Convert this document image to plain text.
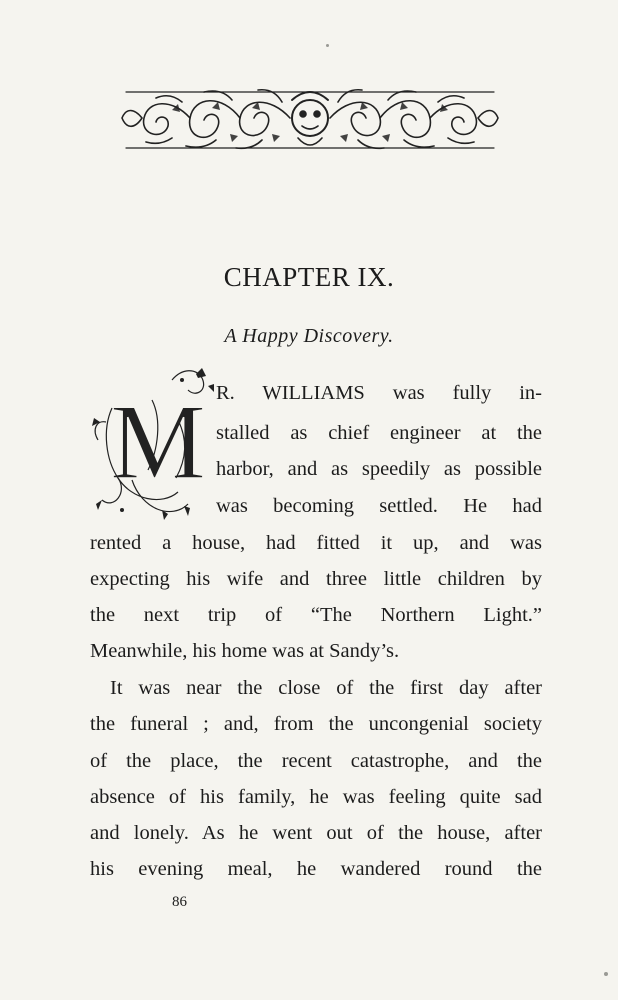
CHAPTER IX.
A Happy Discovery.
M R. WILLIAMS was fully in-
stalled as chief engineer at the
harbor, and as speedily as possible
was becoming settled. He had
rented a house, had fitted it up, and was
expecting his wife and three little children by
the next trip of “The Northern Light.”
Meanwhile, his home was at Sandy’s.
It was near the close of the first day after
the funeral ; and, from the uncongenial society
of the place, the recent catastrophe, and the
absence of his family, he was feeling quite sad
and lonely. As he went out of the house, after
his evening meal, he wandered round the
86
